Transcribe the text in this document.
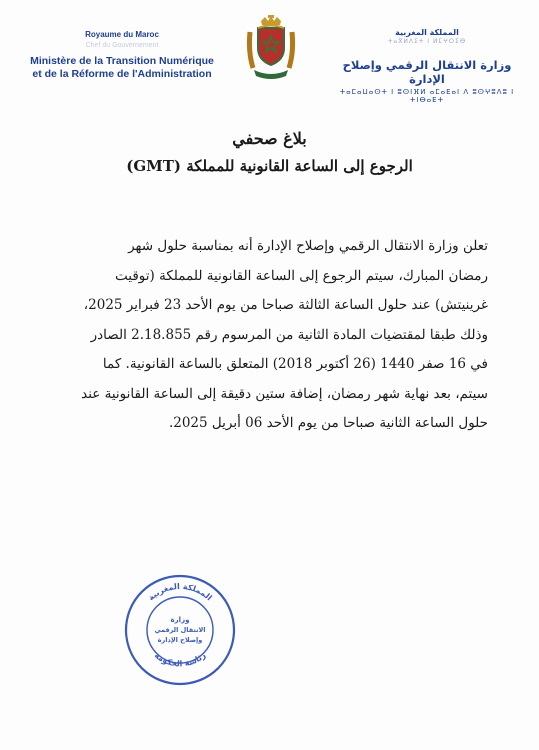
Royaume du Maroc
Chef du Gouvernement
Ministère de la Transition Numérique
et de la Réforme de l'Administration
المملكة المغربية
ⵜⴰⴳⵍⴷⵉⵜ ⵏ ⵍⵎⵖⵔⵉⴱ
وزارة الانتقال الرقمي وإصلاح الإدارة
ⵜⴰⵎⴰⵡⴰⵙⵜ ⵏ ⵓⵙⵏⴼⵍ ⴰⵎⴰⴹⴰⵏ ⴷ ⵓⵙⵖⵓⴷⵓ ⵏ ⵜⵏⴱⴰⴹⵜ
بلاغ صحفي
الرجوع إلى الساعة القانونية للمملكة (GMT)

تعلن وزارة الانتقال الرقمي وإصلاح الإدارة أنه بمناسبة حلول شهر

رمضان المبارك، سيتم الرجوع إلى الساعة القانونية للمملكة (توقيت

غرينيتش) عند حلول الساعة الثالثة صباحا من يوم الأحد 23 فبراير 2025،

وذلك طبقا لمقتضيات المادة الثانية من المرسوم رقم 2.18.855 الصادر

في 16 صفر 1440 (26 أكتوبر 2018) المتعلق بالساعة القانونية. كما

سيتم، بعد نهاية شهر رمضان، إضافة ستين دقيقة إلى الساعة القانونية عند

حلول الساعة الثانية صباحا من يوم الأحد 06 أبريل 2025.

المملكة المغربية
رئاسة الحكومة
وزارة
الانتقال الرقمي
وإصلاح الإدارة
